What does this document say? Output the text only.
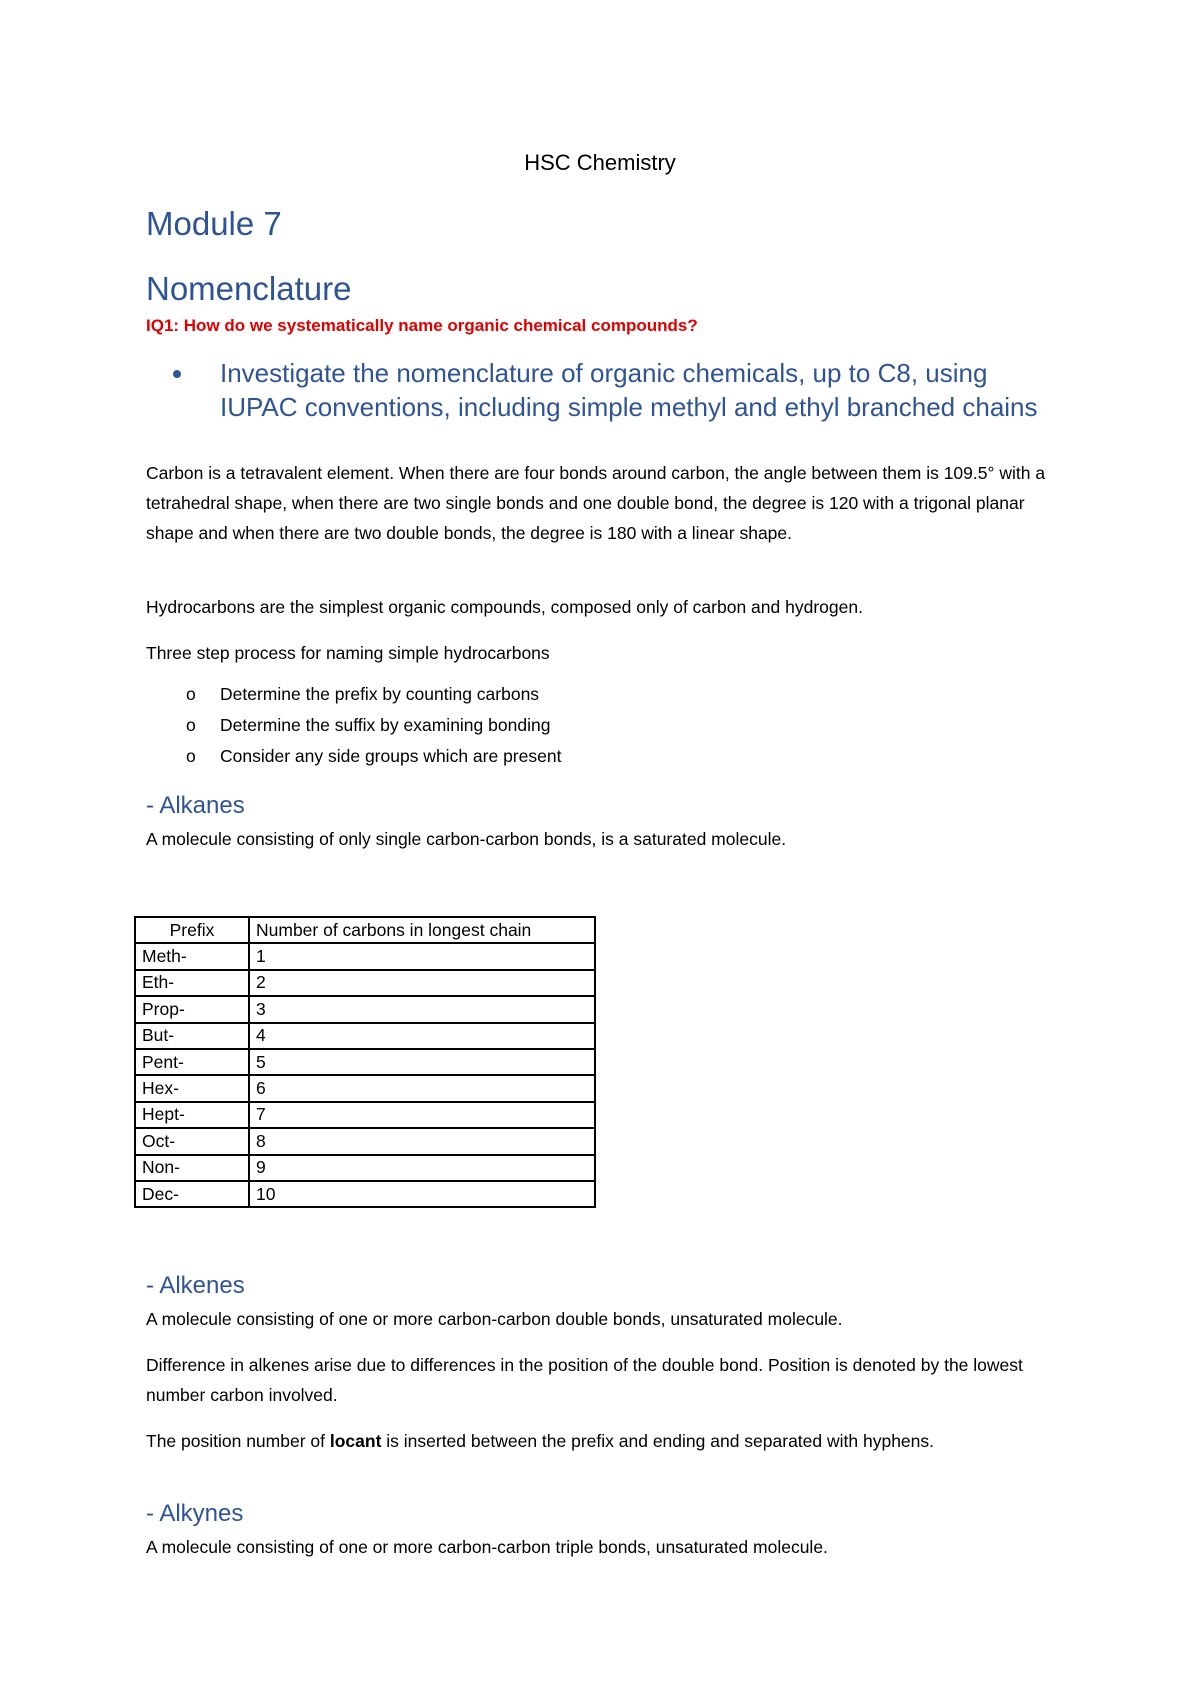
HSC Chemistry
Module 7
Nomenclature
IQ1: How do we systematically name organic chemical compounds?
Investigate the nomenclature of organic chemicals, up to C8, using IUPAC conventions, including simple methyl and ethyl branched chains
Carbon is a tetravalent element. When there are four bonds around carbon, the angle between them is 109.5° with a tetrahedral shape, when there are two single bonds and one double bond, the degree is 120 with a trigonal planar shape and when there are two double bonds, the degree is 180 with a linear shape.
Hydrocarbons are the simplest organic compounds, composed only of carbon and hydrogen.
Three step process for naming simple hydrocarbons
o Determine the prefix by counting carbons
o Determine the suffix by examining bonding
o Consider any side groups which are present
- Alkanes
A molecule consisting of only single carbon-carbon bonds, is a saturated molecule.
Prefix	Number of carbons in longest chain
Meth-	1
Eth-	2
Prop-	3
But-	4
Pent-	5
Hex-	6
Hept-	7
Oct-	8
Non-	9
Dec-	10
- Alkenes
A molecule consisting of one or more carbon-carbon double bonds, unsaturated molecule.
Difference in alkenes arise due to differences in the position of the double bond. Position is denoted by the lowest number carbon involved.
The position number of locant is inserted between the prefix and ending and separated with hyphens.
- Alkynes
A molecule consisting of one or more carbon-carbon triple bonds, unsaturated molecule.
